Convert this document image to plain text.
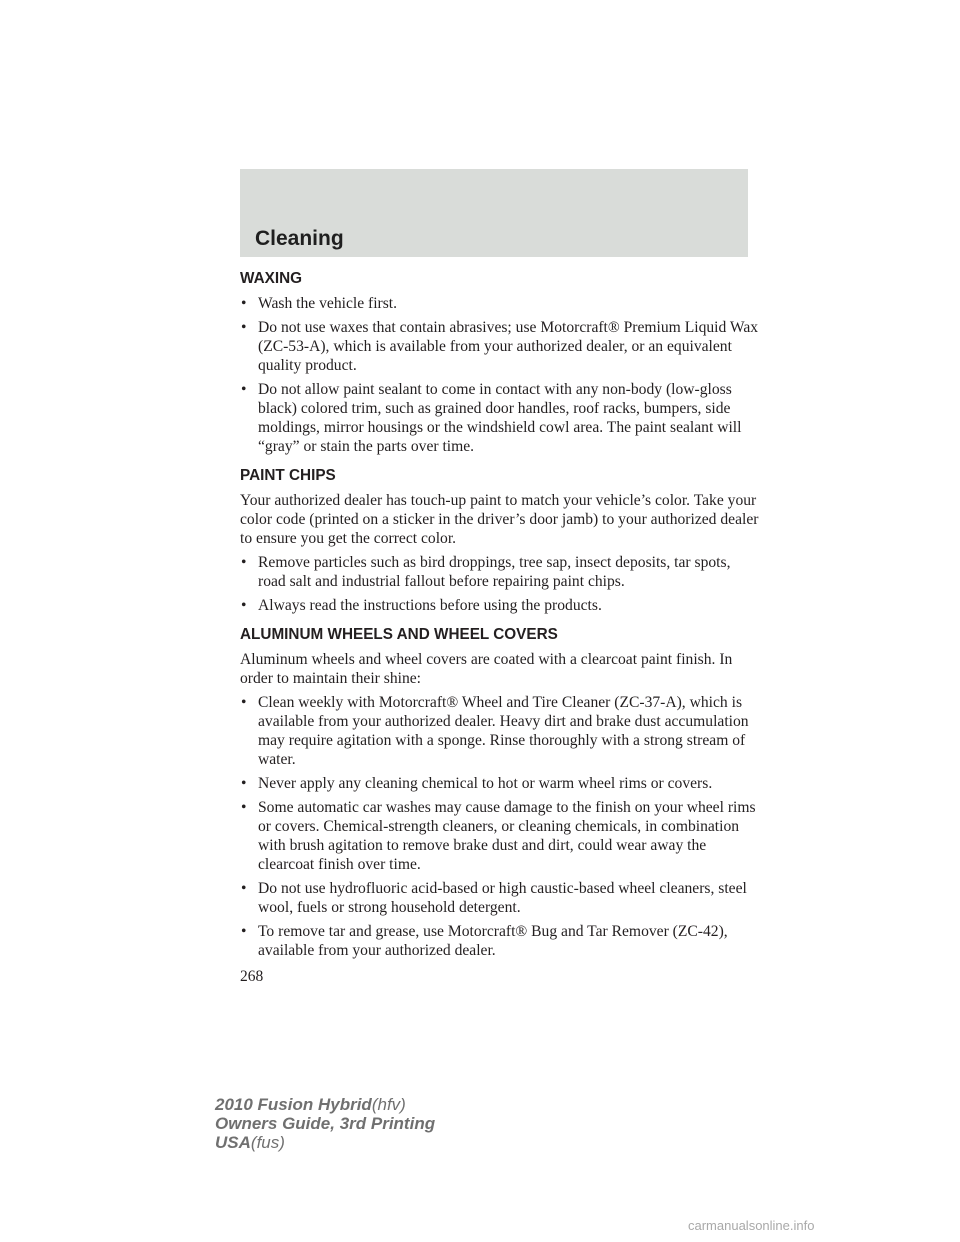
Cleaning
WAXING
• Wash the vehicle first.
• Do not use waxes that contain abrasives; use Motorcraft® Premium Liquid Wax (ZC-53-A), which is available from your authorized dealer, or an equivalent quality product.
• Do not allow paint sealant to come in contact with any non-body (low-gloss black) colored trim, such as grained door handles, roof racks, bumpers, side moldings, mirror housings or the windshield cowl area. The paint sealant will “gray” or stain the parts over time.
PAINT CHIPS

Your authorized dealer has touch-up paint to match your vehicle’s color. Take your color code (printed on a sticker in the driver’s door jamb) to your authorized dealer to ensure you get the correct color.

• Remove particles such as bird droppings, tree sap, insect deposits, tar spots, road salt and industrial fallout before repairing paint chips.
• Always read the instructions before using the products.
ALUMINUM WHEELS AND WHEEL COVERS

Aluminum wheels and wheel covers are coated with a clearcoat paint finish. In order to maintain their shine:

• Clean weekly with Motorcraft® Wheel and Tire Cleaner (ZC-37-A), which is available from your authorized dealer. Heavy dirt and brake dust accumulation may require agitation with a sponge. Rinse thoroughly with a strong stream of water.
• Never apply any cleaning chemical to hot or warm wheel rims or covers.
• Some automatic car washes may cause damage to the finish on your wheel rims or covers. Chemical-strength cleaners, or cleaning chemicals, in combination with brush agitation to remove brake dust and dirt, could wear away the clearcoat finish over time.
• Do not use hydrofluoric acid-based or high caustic-based wheel cleaners, steel wool, fuels or strong household detergent.
• To remove tar and grease, use Motorcraft® Bug and Tar Remover (ZC-42), available from your authorized dealer.
268
2010 Fusion Hybrid(hfv)
Owners Guide, 3rd Printing
USA(fus)
carmanualsonline.info
